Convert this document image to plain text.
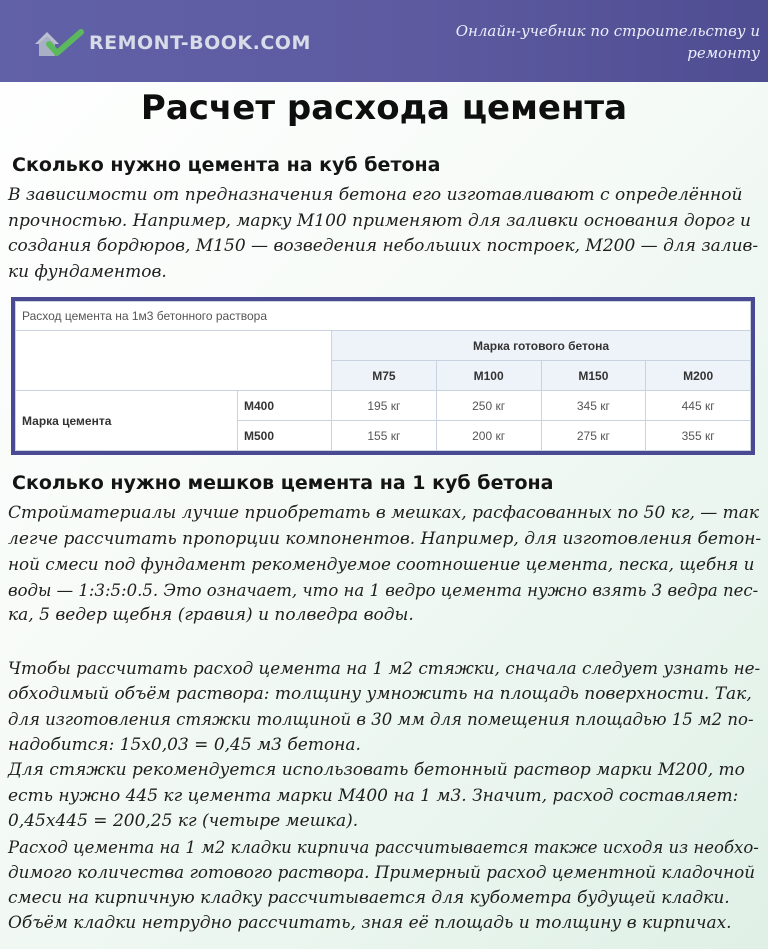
REMONT-BOOK.COM
Онлайн-учебник по строительству и
ремонту
Расчет расхода цемента
Сколько нужно цемента на куб бетона

В зависимости от предназначения бетона его изготавливают с определённой
прочностью. Например, марку М100 применяют для заливки основания дорог и
создания бордюров, М150 — возведения небольших построек, М200 — для залив-
ки фундаментов.

Расход цемента на 1м3 бетонного раствора					
		Марка готового бетона			
		М75	М100	М150	М200
Марка цемента	М400	195 кг	250 кг	345 кг	445 кг
	М500	155 кг	200 кг	275 кг	355 кг
Сколько нужно мешков цемента на 1 куб бетона

Стройматериалы лучше приобретать в мешках, расфасованных по 50 кг, — так
легче рассчитать пропорции компонентов. Например, для изготовления бетон-
ной смеси под фундамент рекомендуемое соотношение цемента, песка, щебня и
воды — 1:3:5:0.5. Это означает, что на 1 ведро цемента нужно взять 3 ведра пес-
ка, 5 ведер щебня (гравия) и полведра воды.

Чтобы рассчитать расход цемента на 1 м2 стяжки, сначала следует узнать не-
обходимый объём раствора: толщину умножить на площадь поверхности. Так,
для изготовления стяжки толщиной в 30 мм для помещения площадью 15 м2 по-
надобится: 15х0,03 = 0,45 м3 бетона.
Для стяжки рекомендуется использовать бетонный раствор марки М200, то
есть нужно 445 кг цемента марки М400 на 1 м3. Значит, расход составляет:
0,45х445 = 200,25 кг (четыре мешка).
Расход цемента на 1 м2 кладки кирпича рассчитывается также исходя из необхо-
димого количества готового раствора. Примерный расход цементной кладочной
смеси на кирпичную кладку рассчитывается для кубометра будущей кладки.
Объём кладки нетрудно рассчитать, зная её площадь и толщину в кирпичах.
